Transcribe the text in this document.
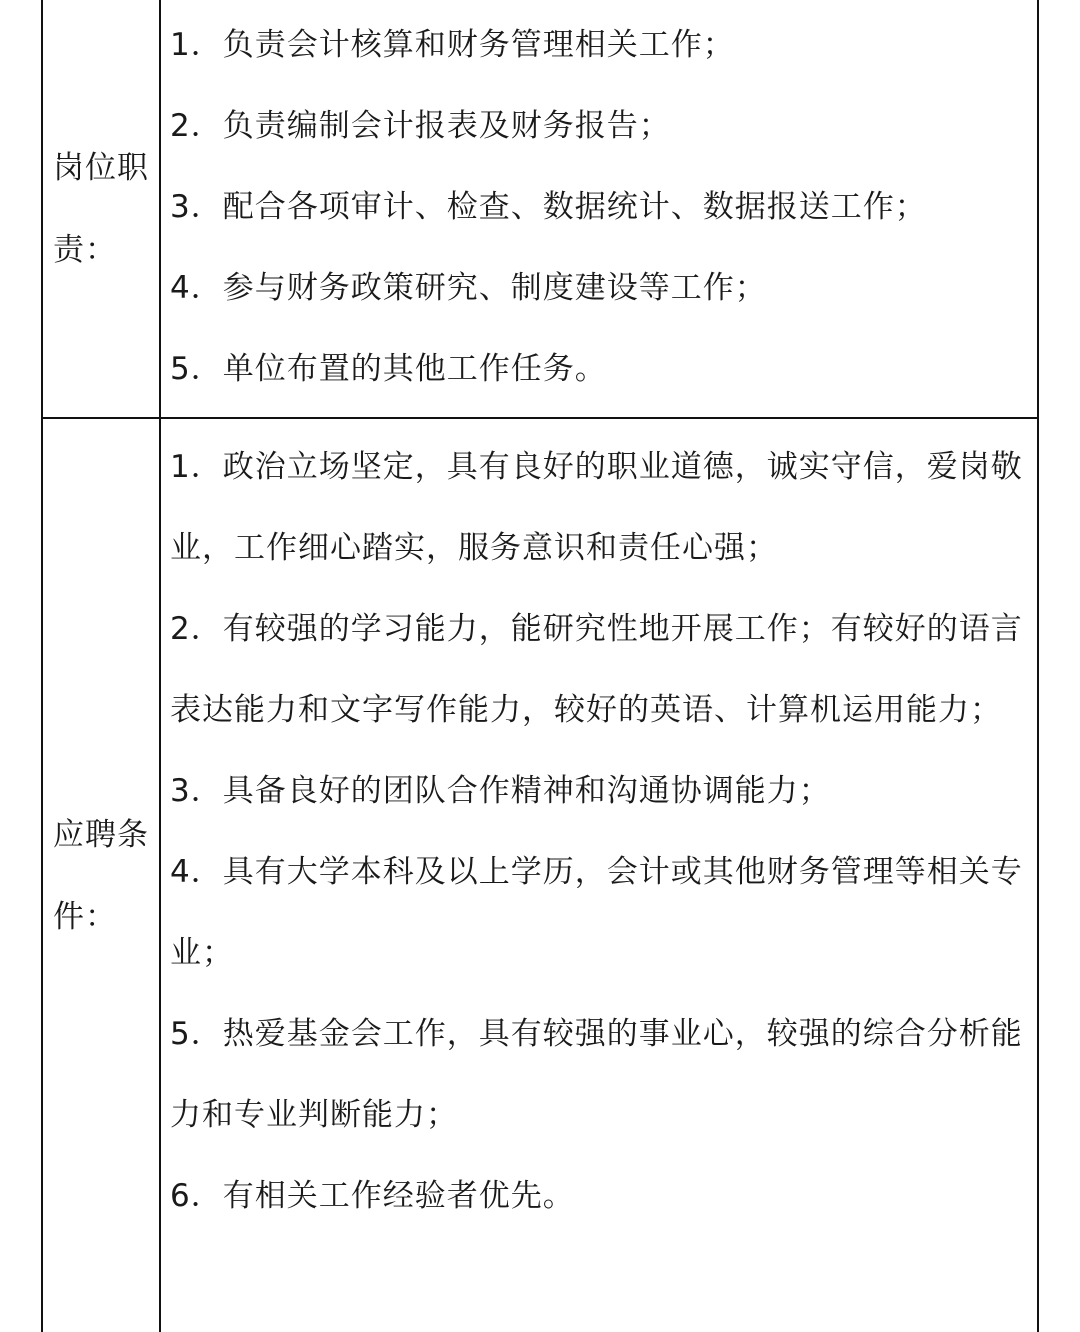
岗位职责：
1．负责会计核算和财务管理相关工作；
2．负责编制会计报表及财务报告；
3．配合各项审计、检查、数据统计、数据报送工作；
4．参与财务政策研究、制度建设等工作；
5．单位布置的其他工作任务。
应聘条件：
1．政治立场坚定，具有良好的职业道德，诚实守信，爱岗敬业，工作细心踏实，服务意识和责任心强；
2．有较强的学习能力，能研究性地开展工作；有较好的语言表达能力和文字写作能力，较好的英语、计算机运用能力；
3．具备良好的团队合作精神和沟通协调能力；
4．具有大学本科及以上学历，会计或其他财务管理等相关专业；
5．热爱基金会工作，具有较强的事业心，较强的综合分析能力和专业判断能力；
6．有相关工作经验者优先。
